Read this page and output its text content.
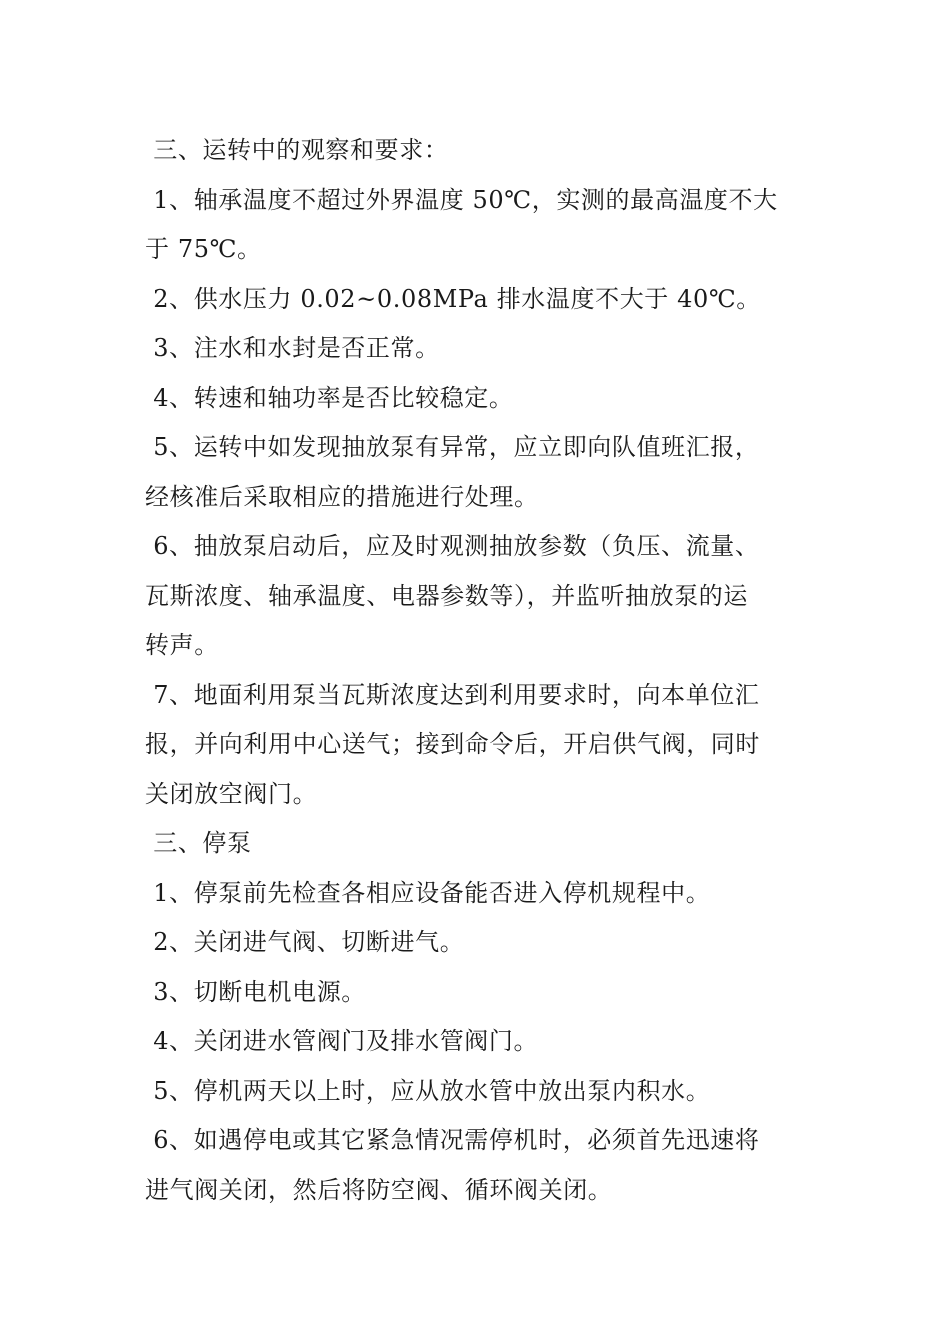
三、运转中的观察和要求：

1、轴承温度不超过外界温度 50℃，实测的最高温度不大

于 75℃。

2、供水压力 0.02~0.08MPa 排水温度不大于 40℃。

3、注水和水封是否正常。

4、转速和轴功率是否比较稳定。

5、运转中如发现抽放泵有异常，应立即向队值班汇报，

经核准后采取相应的措施进行处理。

6、抽放泵启动后，应及时观测抽放参数（负压、流量、

瓦斯浓度、轴承温度、电器参数等），并监听抽放泵的运

转声。

7、地面利用泵当瓦斯浓度达到利用要求时，向本单位汇

报，并向利用中心送气；接到命令后，开启供气阀，同时

关闭放空阀门。

三、停泵

1、停泵前先检查各相应设备能否进入停机规程中。

2、关闭进气阀、切断进气。

3、切断电机电源。

4、关闭进水管阀门及排水管阀门。

5、停机两天以上时，应从放水管中放出泵内积水。

6、如遇停电或其它紧急情况需停机时，必须首先迅速将

进气阀关闭，然后将防空阀、循环阀关闭。
